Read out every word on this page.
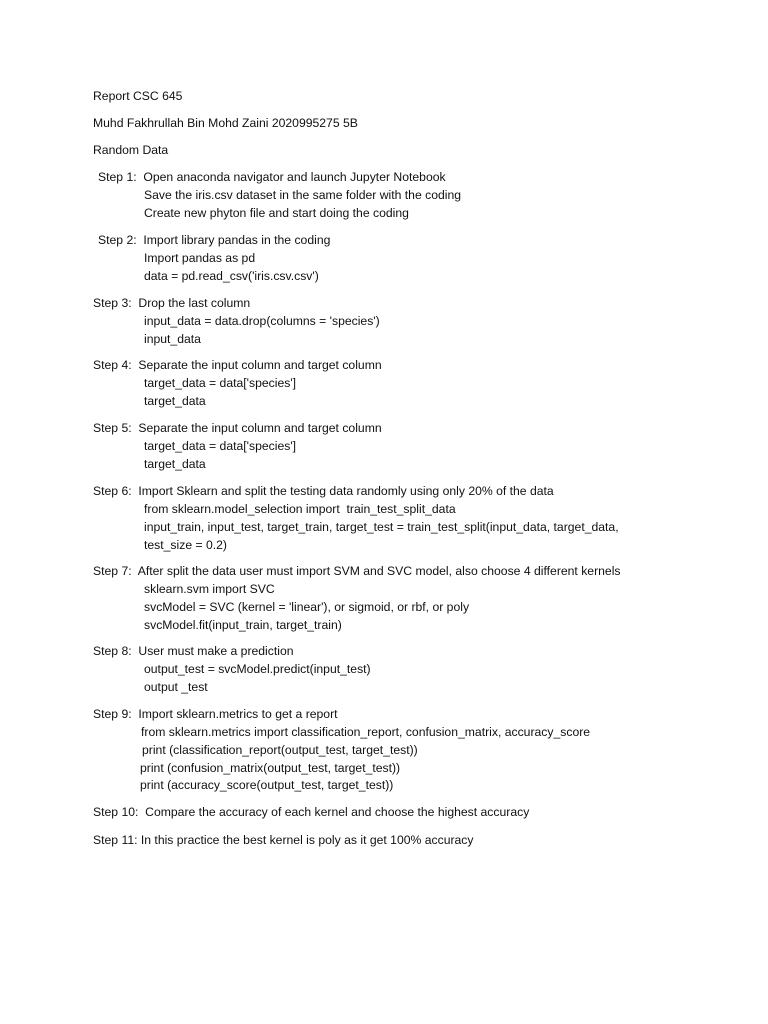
Report CSC 645
Muhd Fakhrullah Bin Mohd Zaini 2020995275 5B
Random Data
Step 1:  Open anaconda navigator and launch Jupyter Notebook
Save the iris.csv dataset in the same folder with the coding
Create new phyton file and start doing the coding
Step 2:  Import library pandas in the coding
Import pandas as pd
data = pd.read_csv('iris.csv.csv')
Step 3:  Drop the last column
input_data = data.drop(columns = 'species')
input_data
Step 4:  Separate the input column and target column
target_data = data['species']
target_data
Step 5:  Separate the input column and target column
target_data = data['species']
target_data
Step 6:  Import Sklearn and split the testing data randomly using only 20% of the data
from sklearn.model_selection import  train_test_split_data
input_train, input_test, target_train, target_test = train_test_split(input_data, target_data,
test_size = 0.2)
Step 7:  After split the data user must import SVM and SVC model, also choose 4 different kernels
sklearn.svm import SVC
svcModel = SVC (kernel = 'linear'), or sigmoid, or rbf, or poly
svcModel.fit(input_train, target_train)
Step 8:  User must make a prediction
output_test = svcModel.predict(input_test)
output _test
Step 9:  Import sklearn.metrics to get a report
from sklearn.metrics import classification_report, confusion_matrix, accuracy_score
print (classification_report(output_test, target_test))
print (confusion_matrix(output_test, target_test))
print (accuracy_score(output_test, target_test))
Step 10:  Compare the accuracy of each kernel and choose the highest accuracy
Step 11: In this practice the best kernel is poly as it get 100% accuracy
